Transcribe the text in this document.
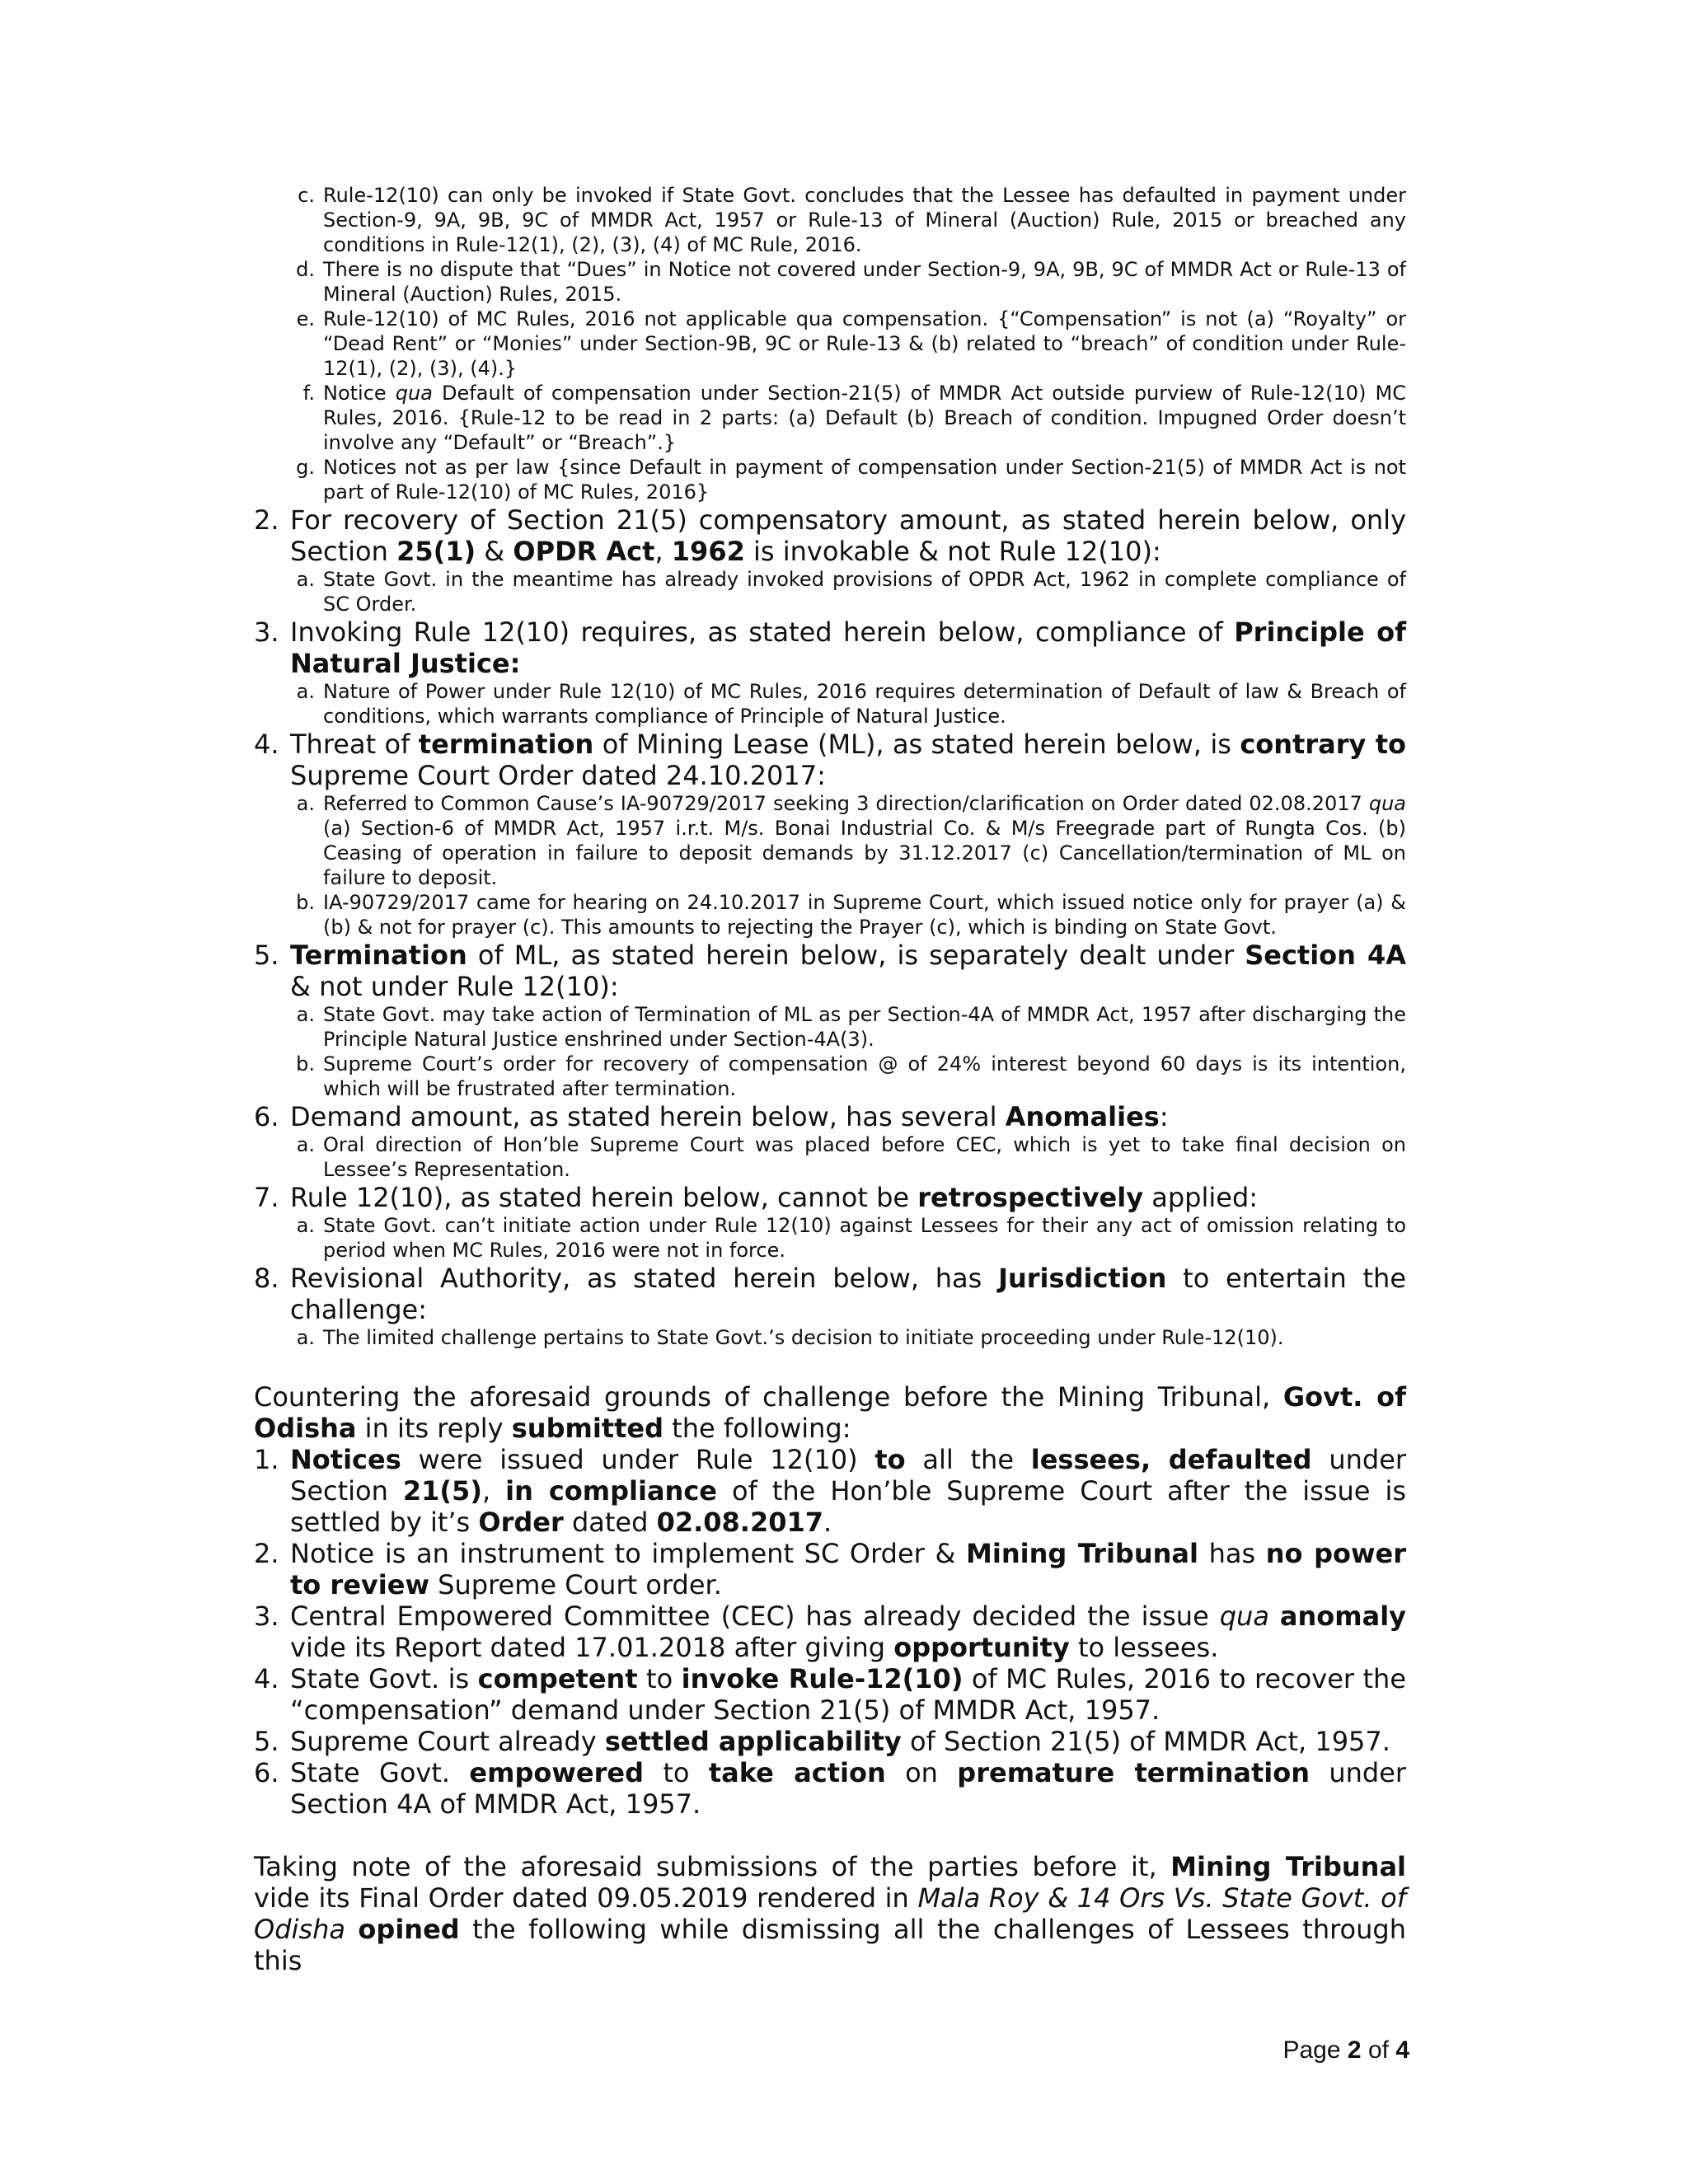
c. Rule-12(10) can only be invoked if State Govt. concludes that the Lessee has defaulted in payment under Section-9, 9A, 9B, 9C of MMDR Act, 1957 or Rule-13 of Mineral (Auction) Rule, 2015 or breached any conditions in Rule-12(1), (2), (3), (4) of MC Rule, 2016.
d. There is no dispute that “Dues” in Notice not covered under Section-9, 9A, 9B, 9C of MMDR Act or Rule-13 of Mineral (Auction) Rules, 2015.
e. Rule-12(10) of MC Rules, 2016 not applicable qua compensation. {“Compensation” is not (a) “Royalty” or “Dead Rent” or “Monies” under Section-9B, 9C or Rule-13 & (b) related to “breach” of condition under Rule-12(1), (2), (3), (4).}
f. Notice qua Default of compensation under Section-21(5) of MMDR Act outside purview of Rule-12(10) MC Rules, 2016. {Rule-12 to be read in 2 parts: (a) Default (b) Breach of condition. Impugned Order doesn’t involve any “Default” or “Breach”.}
g. Notices not as per law {since Default in payment of compensation under Section-21(5) of MMDR Act is not part of Rule-12(10) of MC Rules, 2016}
2. For recovery of Section 21(5) compensatory amount, as stated herein below, only Section 25(1) & OPDR Act, 1962 is invokable & not Rule 12(10):
a. State Govt. in the meantime has already invoked provisions of OPDR Act, 1962 in complete compliance of SC Order.
3. Invoking Rule 12(10) requires, as stated herein below, compliance of Principle of Natural Justice:
a. Nature of Power under Rule 12(10) of MC Rules, 2016 requires determination of Default of law & Breach of conditions, which warrants compliance of Principle of Natural Justice.
4. Threat of termination of Mining Lease (ML), as stated herein below, is contrary to Supreme Court Order dated 24.10.2017:
a. Referred to Common Cause’s IA-90729/2017 seeking 3 direction/clarification on Order dated 02.08.2017 qua (a) Section-6 of MMDR Act, 1957 i.r.t. M/s. Bonai Industrial Co. & M/s Freegrade part of Rungta Cos. (b) Ceasing of operation in failure to deposit demands by 31.12.2017 (c) Cancellation/termination of ML on failure to deposit.
b. IA-90729/2017 came for hearing on 24.10.2017 in Supreme Court, which issued notice only for prayer (a) & (b) & not for prayer (c). This amounts to rejecting the Prayer (c), which is binding on State Govt.
5. Termination of ML, as stated herein below, is separately dealt under Section 4A & not under Rule 12(10):
a. State Govt. may take action of Termination of ML as per Section-4A of MMDR Act, 1957 after discharging the Principle Natural Justice enshrined under Section-4A(3).
b. Supreme Court’s order for recovery of compensation @ of 24% interest beyond 60 days is its intention, which will be frustrated after termination.
6. Demand amount, as stated herein below, has several Anomalies:
a. Oral direction of Hon’ble Supreme Court was placed before CEC, which is yet to take final decision on Lessee’s Representation.
7. Rule 12(10), as stated herein below, cannot be retrospectively applied:
a. State Govt. can’t initiate action under Rule 12(10) against Lessees for their any act of omission relating to period when MC Rules, 2016 were not in force.
8. Revisional Authority, as stated herein below, has Jurisdiction to entertain the challenge:
a. The limited challenge pertains to State Govt.’s decision to initiate proceeding under Rule-12(10).
Countering the aforesaid grounds of challenge before the Mining Tribunal, Govt. of Odisha in its reply submitted the following:
1. Notices were issued under Rule 12(10) to all the lessees, defaulted under Section 21(5), in compliance of the Hon’ble Supreme Court after the issue is settled by it’s Order dated 02.08.2017.
2. Notice is an instrument to implement SC Order & Mining Tribunal has no power to review Supreme Court order.
3. Central Empowered Committee (CEC) has already decided the issue qua anomaly vide its Report dated 17.01.2018 after giving opportunity to lessees.
4. State Govt. is competent to invoke Rule-12(10) of MC Rules, 2016 to recover the “compensation” demand under Section 21(5) of MMDR Act, 1957.
5. Supreme Court already settled applicability of Section 21(5) of MMDR Act, 1957.
6. State Govt. empowered to take action on premature termination under Section 4A of MMDR Act, 1957.
Taking note of the aforesaid submissions of the parties before it, Mining Tribunal vide its Final Order dated 09.05.2019 rendered in Mala Roy & 14 Ors Vs. State Govt. of Odisha opined the following while dismissing all the challenges of Lessees through this
Page 2 of 4
